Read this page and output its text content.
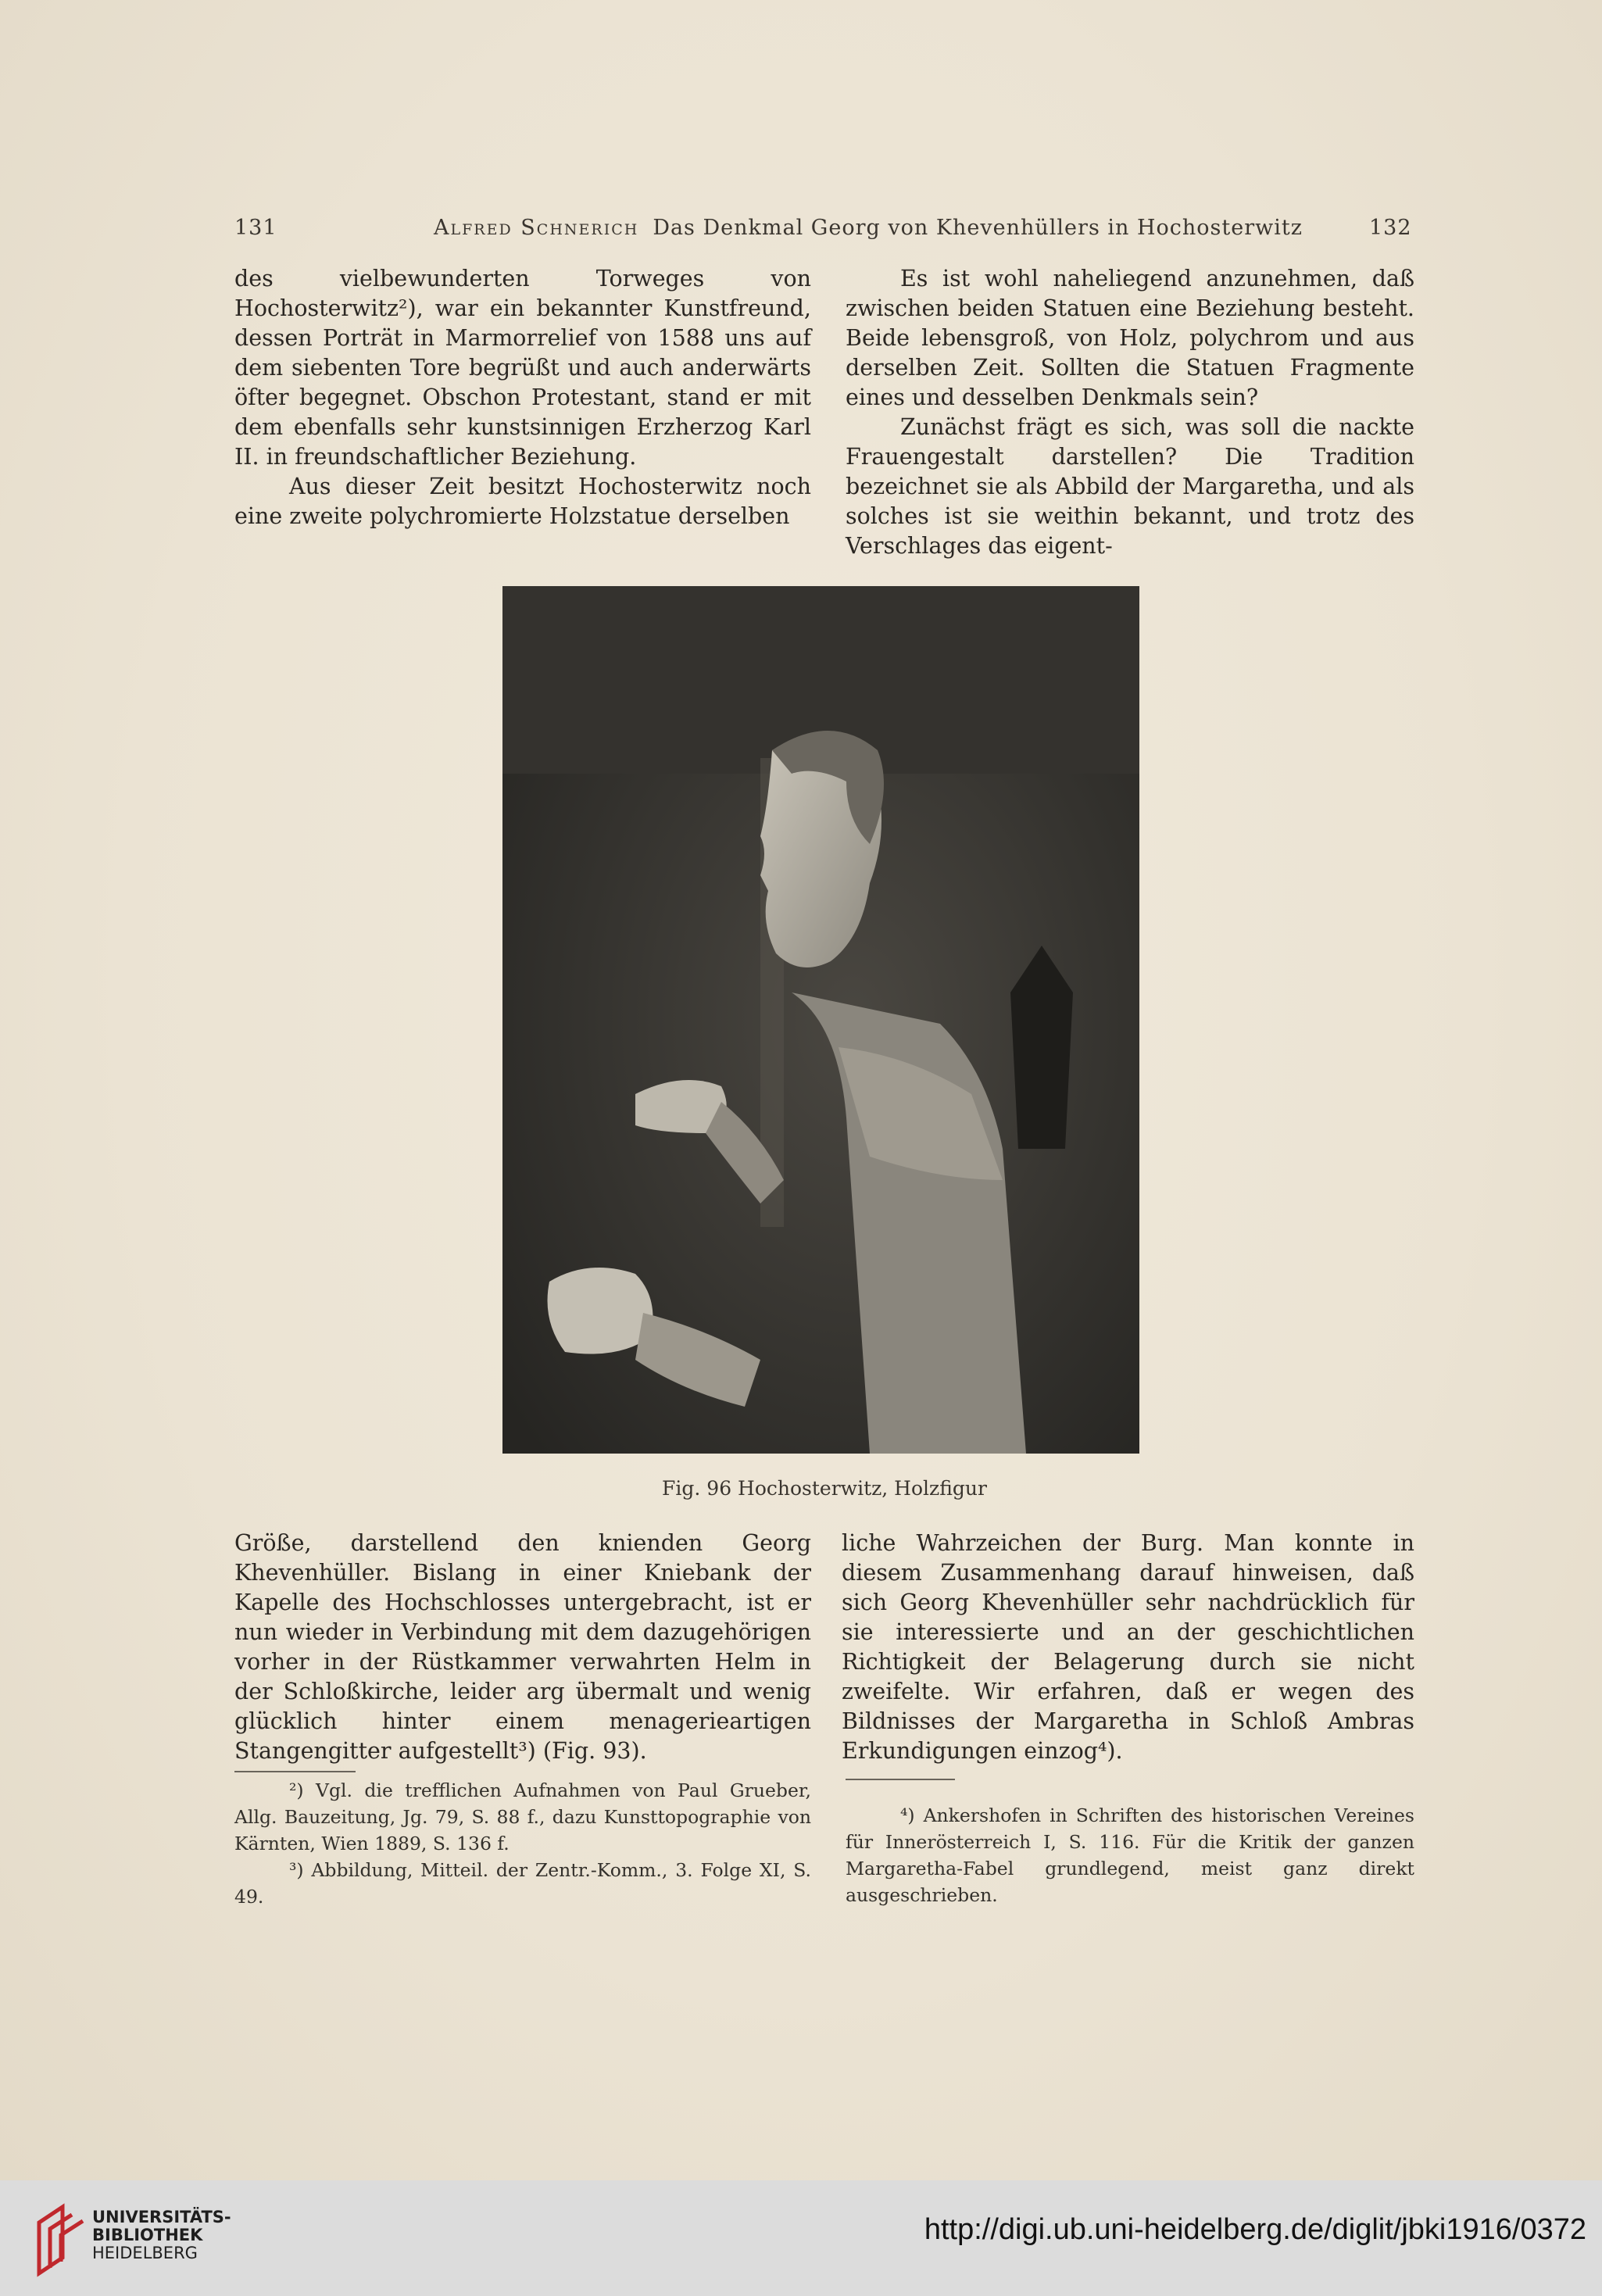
131	Alfred Schnerich Das Denkmal Georg von Khevenhüllers in Hochosterwitz	132

des vielbewunderten Torweges von Hochosterwitz²), war ein bekannter Kunstfreund, dessen Porträt in Marmorrelief von 1588 uns auf dem siebenten Tore begrüßt und auch anderwärts öfter begegnet. Obschon Protestant, stand er mit dem ebenfalls sehr kunstsinnigen Erzherzog Karl II. in freundschaftlicher Beziehung.

Aus dieser Zeit besitzt Hochosterwitz noch eine zweite polychromierte Holzstatue derselben

Es ist wohl naheliegend anzunehmen, daß zwischen beiden Statuen eine Beziehung besteht. Beide lebensgroß, von Holz, polychrom und aus derselben Zeit. Sollten die Statuen Fragmente eines und desselben Denkmals sein?

Zunächst frägt es sich, was soll die nackte Frauengestalt darstellen? Die Tradition bezeichnet sie als Abbild der Margaretha, und als solches ist sie weithin bekannt, und trotz des Verschlages das eigent-

Fig. 96 Hochosterwitz, Holzfigur

Größe, darstellend den knienden Georg Khevenhüller. Bislang in einer Kniebank der Kapelle des Hochschlosses untergebracht, ist er nun wieder in Verbindung mit dem dazugehörigen vorher in der Rüstkammer verwahrten Helm in der Schloßkirche, leider arg übermalt und wenig glücklich hinter einem menagerieartigen Stangengitter aufgestellt³) (Fig. 93).

liche Wahrzeichen der Burg. Man konnte in diesem Zusammenhang darauf hinweisen, daß sich Georg Khevenhüller sehr nachdrücklich für sie interessierte und an der geschichtlichen Richtigkeit der Belagerung durch sie nicht zweifelte. Wir erfahren, daß er wegen des Bildnisses der Margaretha in Schloß Ambras Erkundigungen einzog⁴).

²) Vgl. die trefflichen Aufnahmen von Paul Grueber, Allg. Bauzeitung, Jg. 79, S. 88 f., dazu Kunsttopographie von Kärnten, Wien 1889, S. 136 f.

³) Abbildung, Mitteil. der Zentr.-Komm., 3. Folge XI, S. 49.

⁴) Ankershofen in Schriften des historischen Vereines für Innerösterreich I, S. 116. Für die Kritik der ganzen Margaretha-Fabel grundlegend, meist ganz direkt ausgeschrieben.

UNIVERSITÄTS-
BIBLIOTHEK
HEIDELBERG
http://digi.ub.uni-heidelberg.de/diglit/jbki1916/0372
